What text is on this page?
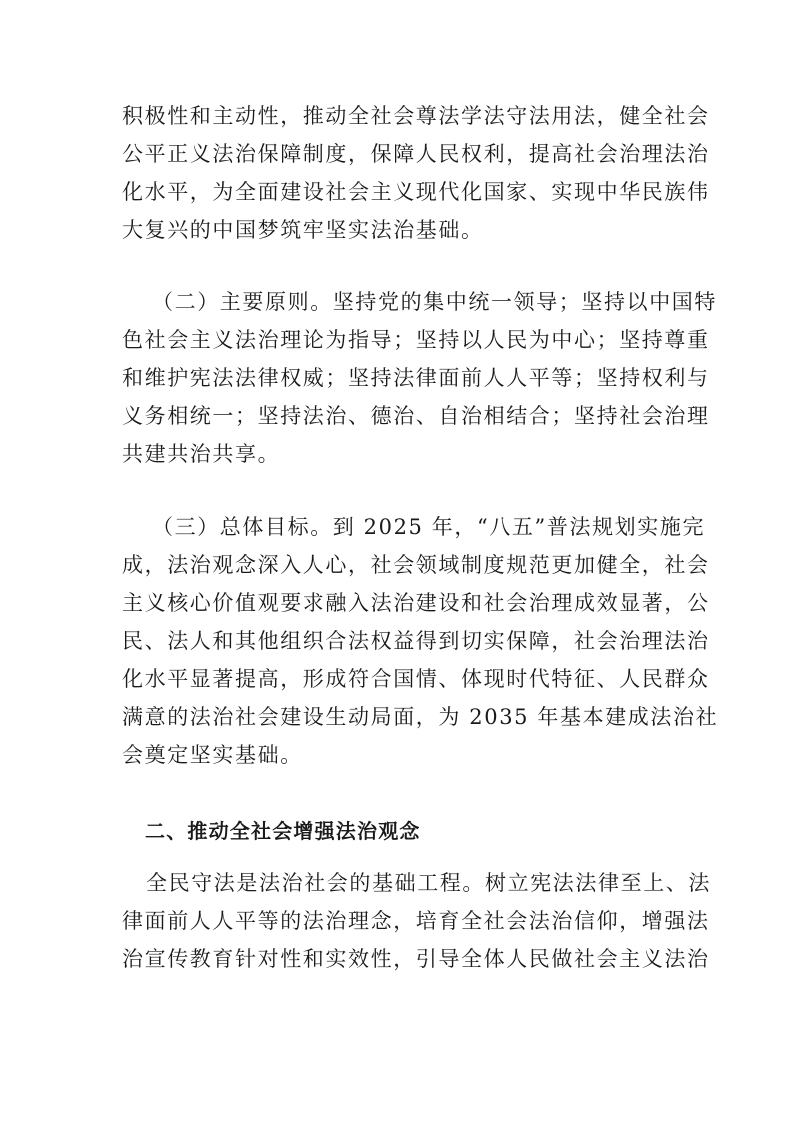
积极性和主动性，推动全社会尊法学法守法用法，健全社会
公平正义法治保障制度，保障人民权利，提高社会治理法治
化水平，为全面建设社会主义现代化国家、实现中华民族伟
大复兴的中国梦筑牢坚实法治基础。
（二）主要原则。坚持党的集中统一领导；坚持以中国特
色社会主义法治理论为指导；坚持以人民为中心；坚持尊重
和维护宪法法律权威；坚持法律面前人人平等；坚持权利与
义务相统一；坚持法治、德治、自治相结合；坚持社会治理
共建共治共享。
（三）总体目标。到 2025 年，“八五”普法规划实施完
成，法治观念深入人心，社会领域制度规范更加健全，社会
主义核心价值观要求融入法治建设和社会治理成效显著，公
民、法人和其他组织合法权益得到切实保障，社会治理法治
化水平显著提高，形成符合国情、体现时代特征、人民群众
满意的法治社会建设生动局面，为 2035 年基本建成法治社
会奠定坚实基础。
二、推动全社会增强法治观念
全民守法是法治社会的基础工程。树立宪法法律至上、法
律面前人人平等的法治理念，培育全社会法治信仰，增强法
治宣传教育针对性和实效性，引导全体人民做社会主义法治
